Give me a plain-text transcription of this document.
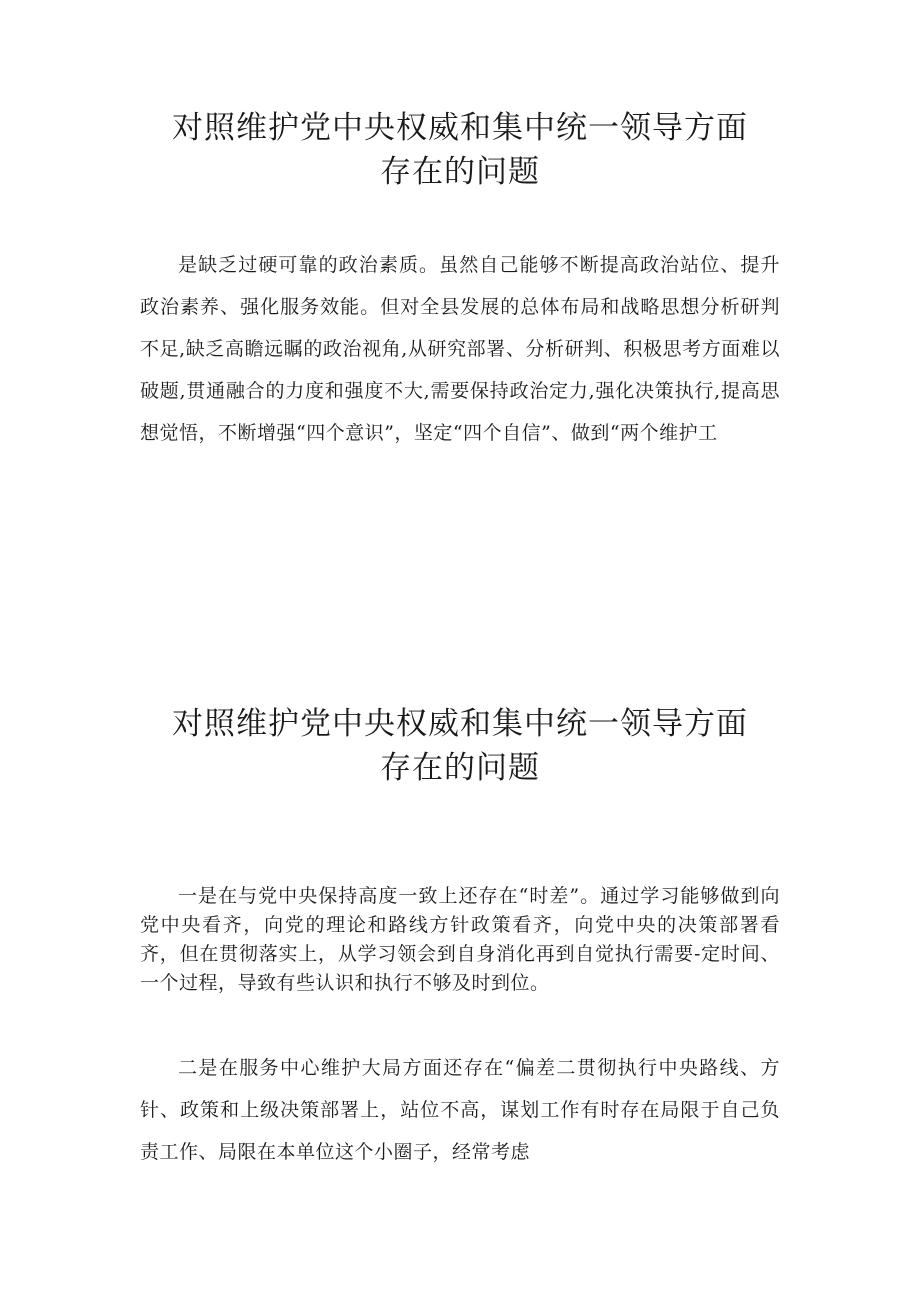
对照维护党中央权威和集中统一领导方面
存在的问题

是缺乏过硬可靠的政治素质。虽然自己能够不断提高政治站位、提升政治素养、强化服务效能。但对全县发展的总体布局和战略思想分析研判不足,缺乏高瞻远瞩的政治视角,从研究部署、分析研判、积极思考方面难以破题,贯通融合的力度和强度不大,需要保持政治定力,强化决策执行,提高思想觉悟，不断增强“四个意识”，坚定“四个自信”、做到“两个维护工

对照维护党中央权威和集中统一领导方面
存在的问题

一是在与党中央保持高度一致上还存在“时差”。通过学习能够做到向党中央看齐，向党的理论和路线方针政策看齐，向党中央的决策部署看齐，但在贯彻落实上，从学习领会到自身消化再到自觉执行需要-定时间、一个过程，导致有些认识和执行不够及时到位。

二是在服务中心维护大局方面还存在“偏差二贯彻执行中央路线、方针、政策和上级决策部署上，站位不高，谋划工作有时存在局限于自己负责工作、局限在本单位这个小圈子，经常考虑
